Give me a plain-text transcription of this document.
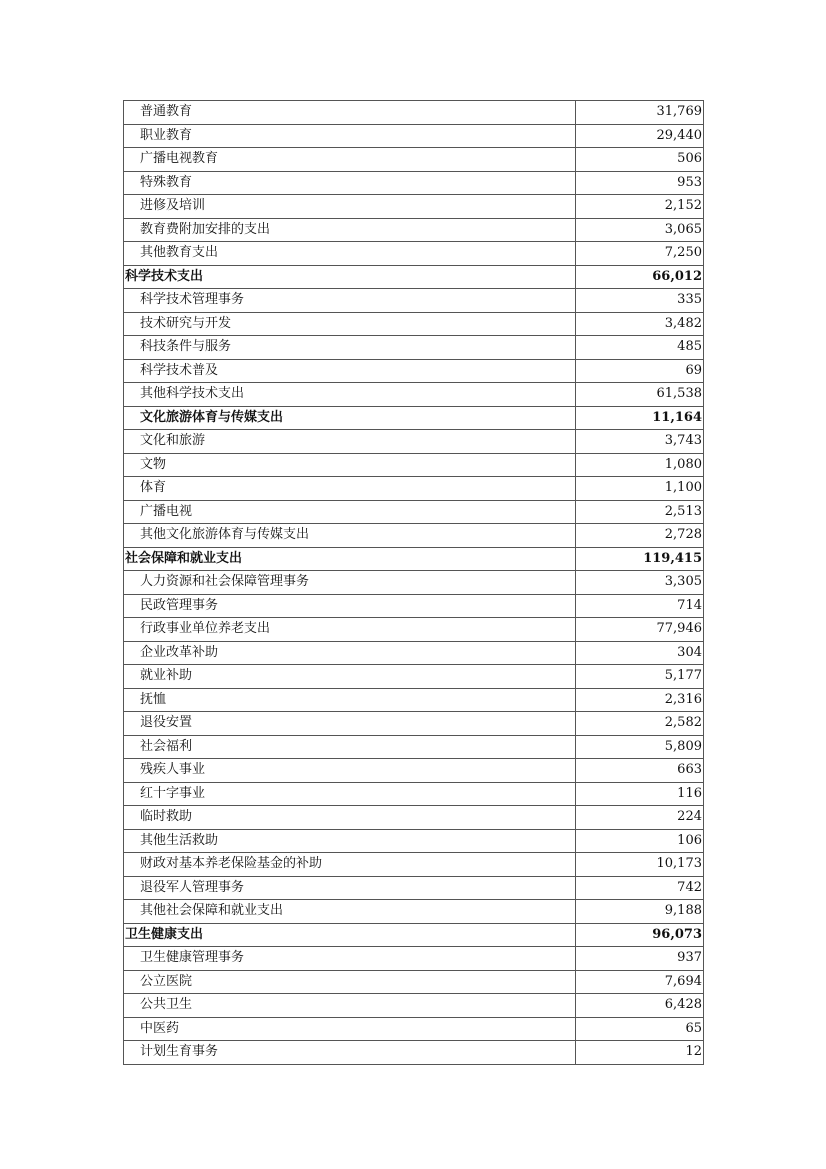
普通教育	31,769
职业教育	29,440
广播电视教育	506
特殊教育	953
进修及培训	2,152
教育费附加安排的支出	3,065
其他教育支出	7,250
科学技术支出	66,012
科学技术管理事务	335
技术研究与开发	3,482
科技条件与服务	485
科学技术普及	69
其他科学技术支出	61,538
文化旅游体育与传媒支出	11,164
文化和旅游	3,743
文物	1,080
体育	1,100
广播电视	2,513
其他文化旅游体育与传媒支出	2,728
社会保障和就业支出	119,415
人力资源和社会保障管理事务	3,305
民政管理事务	714
行政事业单位养老支出	77,946
企业改革补助	304
就业补助	5,177
抚恤	2,316
退役安置	2,582
社会福利	5,809
残疾人事业	663
红十字事业	116
临时救助	224
其他生活救助	106
财政对基本养老保险基金的补助	10,173
退役军人管理事务	742
其他社会保障和就业支出	9,188
卫生健康支出	96,073
卫生健康管理事务	937
公立医院	7,694
公共卫生	6,428
中医药	65
计划生育事务	12
